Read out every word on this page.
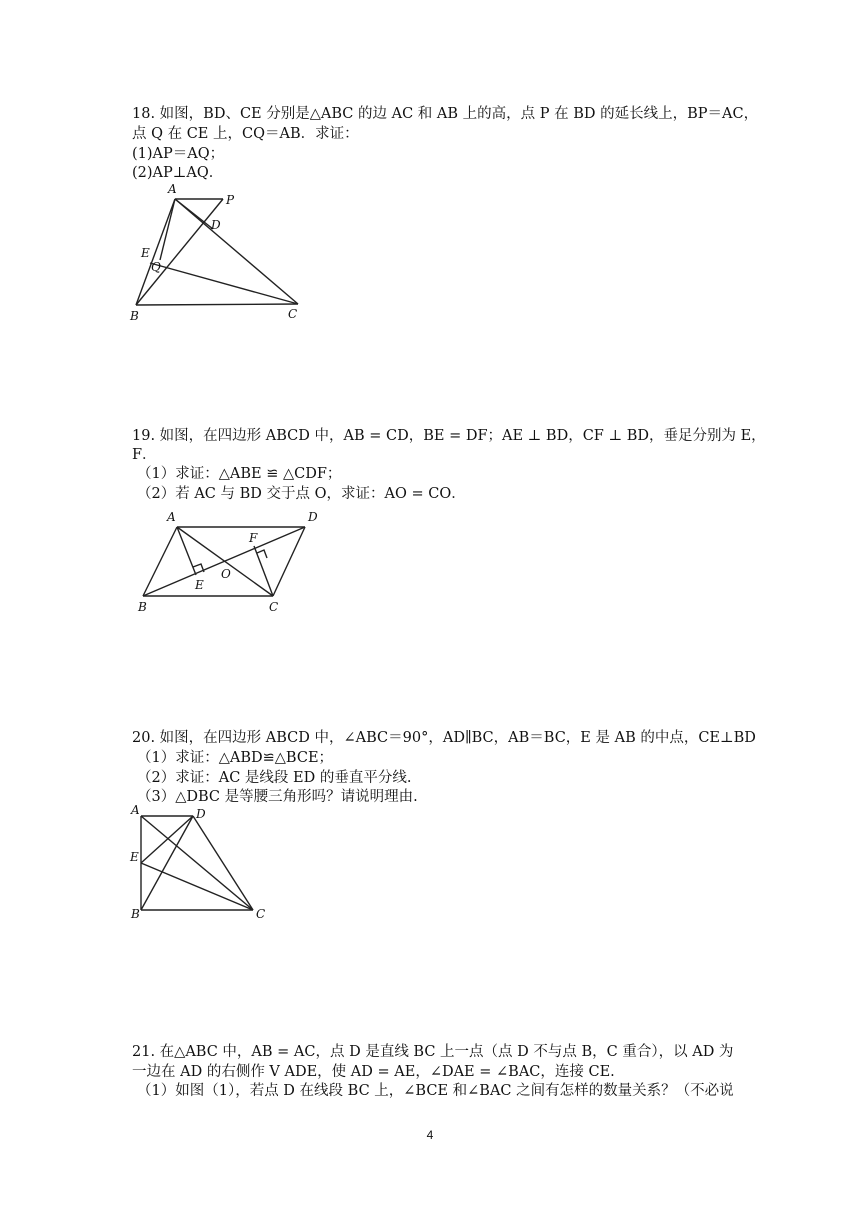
18. 如图，BD、CE 分别是△ABC 的边 AC 和 AB 上的高，点 P 在 BD 的延长线上，BP＝AC，
点 Q 在 CE 上，CQ＝AB．求证：
(1)AP＝AQ；
(2)AP⊥AQ．
A
P
D
E
Q
B	C
19. 如图，在四边形 ABCD 中，AB = CD，BE = DF；AE ⊥ BD，CF ⊥ BD，垂足分别为 E，
F．
（1）求证：△ABE ≌ △CDF；
（2）若 AC 与 BD 交于点 O，求证：AO = CO．
A	D
F
O
E
B	C
20. 如图，在四边形 ABCD 中，∠ABC＝90°，AD∥BC，AB＝BC，E 是 AB 的中点，CE⊥BD
（1）求证：△ABD≌△BCE；
（2）求证：AC 是线段 ED 的垂直平分线.
（3）△DBC 是等腰三角形吗？请说明理由.
A	D
E
B	C
21. 在△ABC 中，AB = AC，点 D 是直线 BC 上一点（点 D 不与点 B，C 重合），以 AD 为
一边在 AD 的右侧作 V ADE，使 AD = AE，∠DAE = ∠BAC，连接 CE.
（1）如图（1），若点 D 在线段 BC 上，∠BCE 和∠BAC 之间有怎样的数量关系？（不必说
4
